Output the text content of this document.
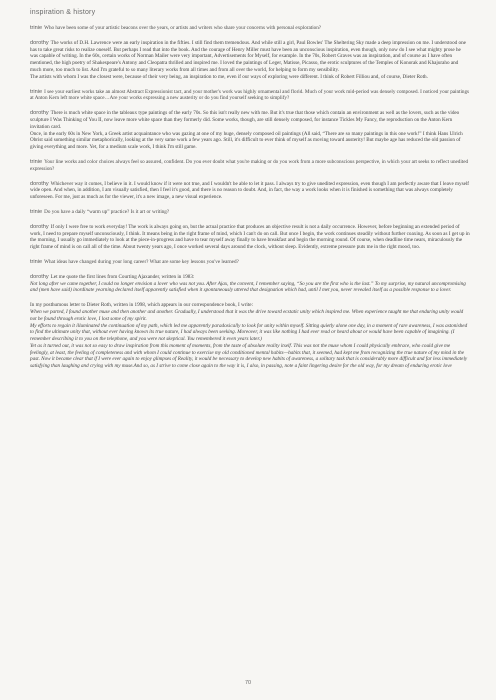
inspiration & history

trinie Who have been some of your artistic beacons over the years, or artists and writers who share your concerns with personal exploration?

dorothy The works of D.H. Lawrence were an early inspiration in the fifties. I still find them tremendous. And while still a girl, Paul Bowles' The Sheltering Sky made a deep impression on me. I understood one has to take great risks to realize oneself. But perhaps I read that into the book. And the courage of Henry Miller must have been an unconscious inspiration, even though, only now do I see what mighty prose he was capable of writing. In the 60s, certain works of Norman Mailer were very important, Advertisements for Myself, for example. In the 70s, Robert Graves was an inspiration, and of course as I have often mentioned, the high poetry of Shakespeare's Antony and Cleopatra thrilled and inspired me. I loved the paintings of Leger, Matisse, Picasso, the erotic sculptures of the Temples of Konorak and Khajuraho and much more, too much to list. And I'm grateful to so many literary works from all times and from all over the world, for helping to form my sensibility.

The artists with whom I was the closest were, because of their very being, an inspiration to me, even if our ways of exploring were different. I think of Robert Filliou and, of course, Dieter Roth.

trinie I see your earliest works take an almost Abstract Expressionist tact, and your mother's work was highly ornamental and florid. Much of your work mid-period was densely composed. I noticed your paintings at Anton Kern left more white space…Are your works expressing a new austerity or do you find yourself seeking to simplify?

dorothy There is much white space in the tableaux type paintings of the early 70s. So this isn't really new with me. But it's true that those which contain an environment as well as the lovers, such as the video sculpture I Was Thinking of You II, now leave more white space than they formerly did. Some works, though, are still densely composed, for instance Tickles My Fancy, the reproduction on the Anton Kern invitation card.

Once, in the early 60s in New York, a Greek artist acquaintance who was gazing at one of my huge, densely composed oil paintings (All said, “There are so many paintings in this one work!” I think Hans Ulrich Obrist said something similar metaphorically, looking at the very same work a few years ago. Still, it's difficult to ever think of myself as moving toward austerity! But maybe age has reduced the old passion of giving everything and more. Yet, for a medium scale work, I think I'm still game.

trinie Your line works and color choices always feel so assured, confident. Do you ever doubt what you're making or do you work from a more subconscious perspective, in which your art seeks to reflect unedited expression?

dorothy Whichever way it comes, I believe in it. I would know if it were not true, and I wouldn't be able to let it pass. I always try to give unedited expression, even though I am perfectly aware that I leave myself wide open. And when, in addition, I am visually satisfied, then I feel it's good, and there is no reason to doubt. And, in fact, the way a work looks when it is finished is something that was always completely unforeseen. For me, just as much as for the viewer, it's a new image, a new visual experience.

trinie Do you have a daily “warm up” practice? Is it art or writing?

dorothy If only I were free to work everyday! The work is always going on, but the actual practice that produces an objective result is not a daily occurrence. However, before beginning an extended period of work, I need to prepare myself unconsciously, I think. It means being in the right frame of mind, which I can't do on call. But once I begin, the work continues steadily without further coaxing. As soon as I get up in the morning, I usually go immediately to look at the piece-in-progress and have to tear myself away finally to have breakfast and begin the morning round. Of course, when deadline time nears, miraculously the right frame of mind is on call all of the time. About twenty years ago, I once worked several days around the clock, without sleep. Evidently, extreme pressure puts me in the right mood, too.

trinie What ideas have changed during your long career? What are some key lessons you've learned?

dorothy Let me quote the first lines from Courting Ajaxander, written in 1983:

Not long after we came together, I could no longer envision a lover who was not you. After Ajax, the convent, I remember saying, “So you are the first who is the last.” To my surprise, my natural uncompromising and (men have said) inordinate yearning declared itself apparently satisfied when it spontaneously uttered that designation which had, until I met you, never revealed itself as a possible response to a lover.

In my posthumous letter to Dieter Roth, written in 1998, which appears in our correspondence book, I write:

When we parted, I found another muse and then another and another. Gradually, I understood that it was the drive toward ecstatic unity which inspired me. When experience taught me that enduring unity would not be found through erotic love, I lost some of my spirit.

My efforts to regain it illuminated the continuation of my path, which led me apparently paradoxically to look for unity within myself. Sitting quietly alone one day, in a moment of rare awareness, I was astonished to find the ultimate unity that, without ever having known its true nature, I had always been seeking. Moreover, it was like nothing I had ever read or heard about or would have been capable of imagining. (I remember describing it to you on the telephone, and you were not skeptical. You remembered it even years later.)

Yet as it turned out, it was not so easy to draw inspiration from this moment of moments, from the taste of absolute reality itself. This was not the muse whom I could physically embrace, who could give me feelingly, at least, the feeling of completeness and with whom I could continue to exercise my old conditioned mental habits—habits that, it seemed, had kept me from recognizing the true nature of my mind in the past. Now it became clear that if I were ever again to enjoy glimpses of Reality, it would be necessary to develop new habits of awareness, a solitary task that is considerably more difficult and far less immediately satisfying than laughing and crying with my muse.And so, as I strive to come close again to the way it is, I also, in passing, note a faint lingering desire for the old way, for my dream of enduring erotic love

70
